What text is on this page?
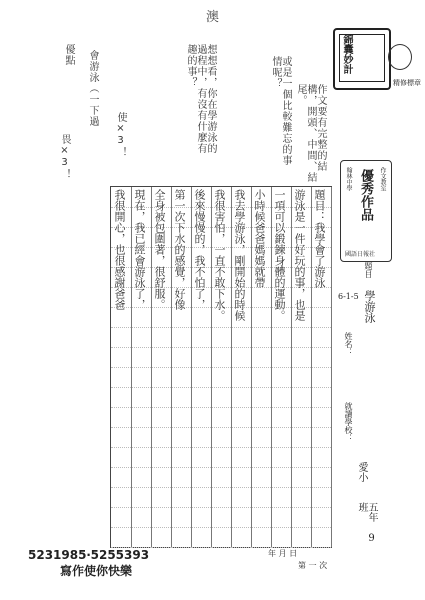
澳
優點 會游泳（一下過
使×3！
畏×3！
想想看，你在學游泳的過程中，有沒有什麼有趣的事？	或是一個比較難忘的事情呢？
作文要有完整的結構，開頭、中間、結尾。
錦囊妙計
精修標章
翰林中學 優秀作品 作文教室
國語日報社
題目：我學會了游泳
游泳是一件好玩的事，也是
一項可以鍛鍊身體的運動。
小時候爸爸媽媽就帶
我去學游泳，剛開始的時候
我很害怕，一直不敢下水。
後來慢慢的，我不怕了，
第一次下水的感覺，好像
全身被包圍著，很舒服。
現在，我已經會游泳了，
我很開心，也很感謝爸爸	題目
學游泳
6-1-5
姓名：
就讀學校：
愛小
五年 9 班
5231985‧5255393
寫作使你快樂
年 月 日
第 一 次
